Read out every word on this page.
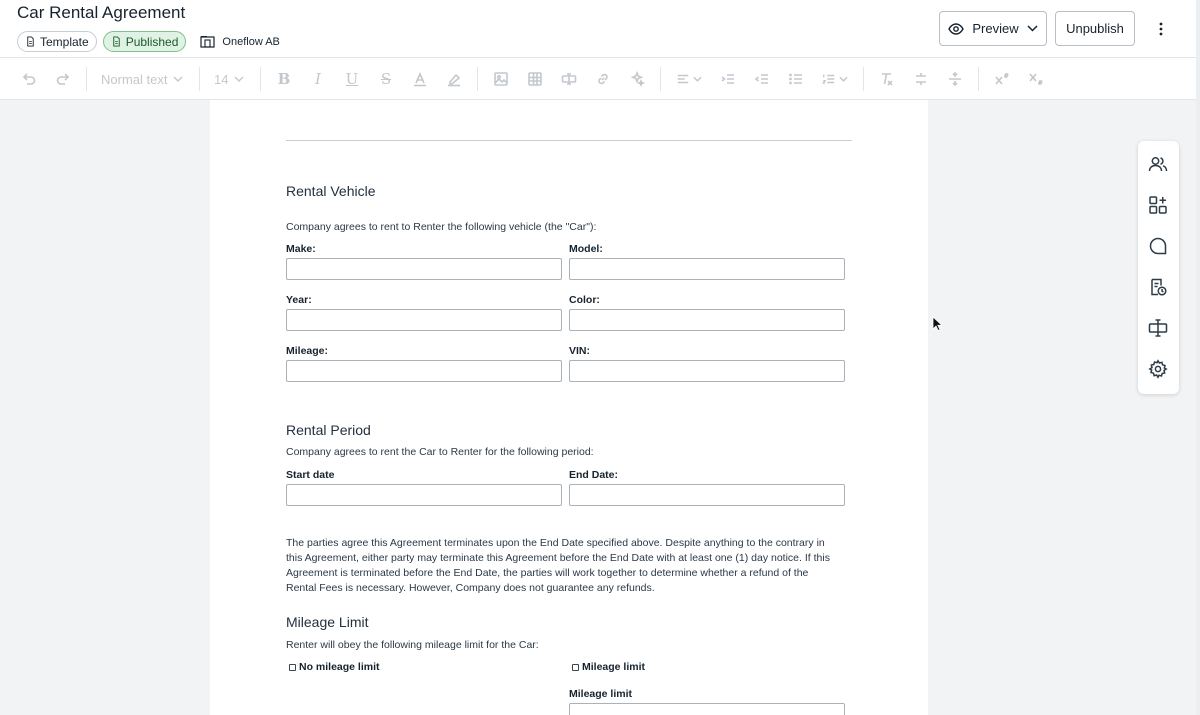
Car Rental Agreement
Template	Published	Oneflow AB
Preview	Unpublish
Normal text	14	B	I	U	S
Rental Vehicle
Company agrees to rent to Renter the following vehicle (the "Car"):
Make:	Model:
Year:	Color:
Mileage:	VIN:
Rental Period
Company agrees to rent the Car to Renter for the following period:
Start date	End Date:
The parties agree this Agreement terminates upon the End Date specified above. Despite anything to the contrary in
this Agreement, either party may terminate this Agreement before the End Date with at least one (1) day notice. If this
Agreement is terminated before the End Date, the parties will work together to determine whether a refund of the
Rental Fees is necessary. However, Company does not guarantee any refunds.
Mileage Limit
Renter will obey the following mileage limit for the Car:
No mileage limit	Mileage limit
Mileage limit
